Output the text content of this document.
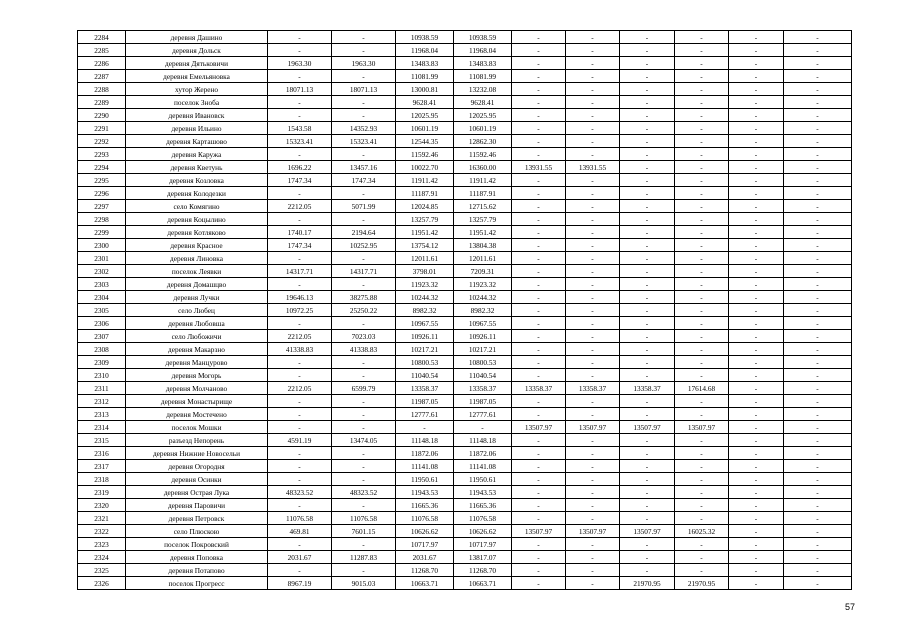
2284	деревня Дашино	-	-	10938.59	10938.59	-	-	-	-	-	-
2285	деревня Дольск	-	-	11968.04	11968.04	-	-	-	-	-	-
2286	деревня Дятьковичи	1963.30	1963.30	13483.83	13483.83	-	-	-	-	-	-
2287	деревня Емельяновка	-	-	11081.99	11081.99	-	-	-	-	-	-
2288	хутор Жерено	18071.13	18071.13	13000.81	13232.08	-	-	-	-	-	-
2289	поселок Зноба	-	-	9628.41	9628.41	-	-	-	-	-	-
2290	деревня Ивановск	-	-	12025.95	12025.95	-	-	-	-	-	-
2291	деревня Ильино	1543.58	14352.93	10601.19	10601.19	-	-	-	-	-	-
2292	деревня Карташово	15323.41	15323.41	12544.35	12862.30	-	-	-	-	-	-
2293	деревня Каружа	-	-	11592.46	11592.46	-	-	-	-	-	-
2294	деревня Кветунь	1696.22	13457.16	10022.70	16360.00	13931.55	13931.55	-	-	-	-
2295	деревня Козловка	1747.34	1747.34	11911.42	11911.42	-	-	-	-	-	-
2296	деревня Колодезки	-	-	11187.91	11187.91	-	-	-	-	-	-
2297	село Комягино	2212.05	5071.99	12024.85	12715.62	-	-	-	-	-	-
2298	деревня Коцылино	-	-	13257.79	13257.79	-	-	-	-	-	-
2299	деревня Котляково	1740.17	2194.64	11951.42	11951.42	-	-	-	-	-	-
2300	деревня Красное	1747.34	10252.95	13754.12	13804.38	-	-	-	-	-	-
2301	деревня Линовка	-	-	12011.61	12011.61	-	-	-	-	-	-
2302	поселок Леявки	14317.71	14317.71	3798.01	7209.31	-	-	-	-	-	-
2303	деревня Домашцво	-	-	11923.32	11923.32	-	-	-	-	-	-
2304	деревня Лучки	19646.13	38275.88	10244.32	10244.32	-	-	-	-	-	-
2305	село Любец	10972.25	25250.22	8982.32	8982.32	-	-	-	-	-	-
2306	деревня Любовша	-	-	10967.55	10967.55	-	-	-	-	-	-
2307	село Любожичи	2212.05	7023.03	10926.11	10926.11	-	-	-	-	-	-
2308	деревня Макарзно	41338.83	41338.83	10217.21	10217.21	-	-	-	-	-	-
2309	деревня Манцурово	-	-	10800.53	10800.53	-	-	-	-	-	-
2310	деревня Могорь	-	-	11040.54	11040.54	-	-	-	-	-	-
2311	деревня Молчаново	2212.05	6599.79	13358.37	13358.37	13358.37	13358.37	13358.37	17614.68	-	-
2312	деревня Монастырище	-	-	11987.05	11987.05	-	-	-	-	-	-
2313	деревня Мостечено	-	-	12777.61	12777.61	-	-	-	-	-	-
2314	поселок Мошки	-	-	-	-	13507.97	13507.97	13507.97	13507.97	-	-
2315	разъезд Непорень	4591.19	13474.05	11148.18	11148.18	-	-	-	-	-	-
2316	деревня Нижние Новосельи	-	-	11872.06	11872.06	-	-	-	-	-	-
2317	деревня Огородня	-	-	11141.08	11141.08	-	-	-	-	-	-
2318	деревня Осинки	-	-	11950.61	11950.61	-	-	-	-	-	-
2319	деревня Острая Лука	48323.52	48323.52	11943.53	11943.53	-	-	-	-	-	-
2320	деревня Паровичи	-	-	11665.36	11665.36	-	-	-	-	-	-
2321	деревня Петровск	11076.58	11076.58	11076.58	11076.58	-	-	-	-	-	-
2322	село Плюскою	469.81	7601.15	10626.62	10626.62	13507.97	13507.97	13507.97	16025.32	-	-
2323	поселок Покровский	-	-	10717.97	10717.97	-	-	-	-	-	-
2324	деревня Поповка	2031.67	11287.83	2031.67	13817.07	-	-	-	-	-	-
2325	деревня Потапово	-	-	11268.70	11268.70	-	-	-	-	-	-
2326	поселок Прогресс	8967.19	9015.03	10663.71	10663.71	-	-	21970.95	21970.95	-	-
57
